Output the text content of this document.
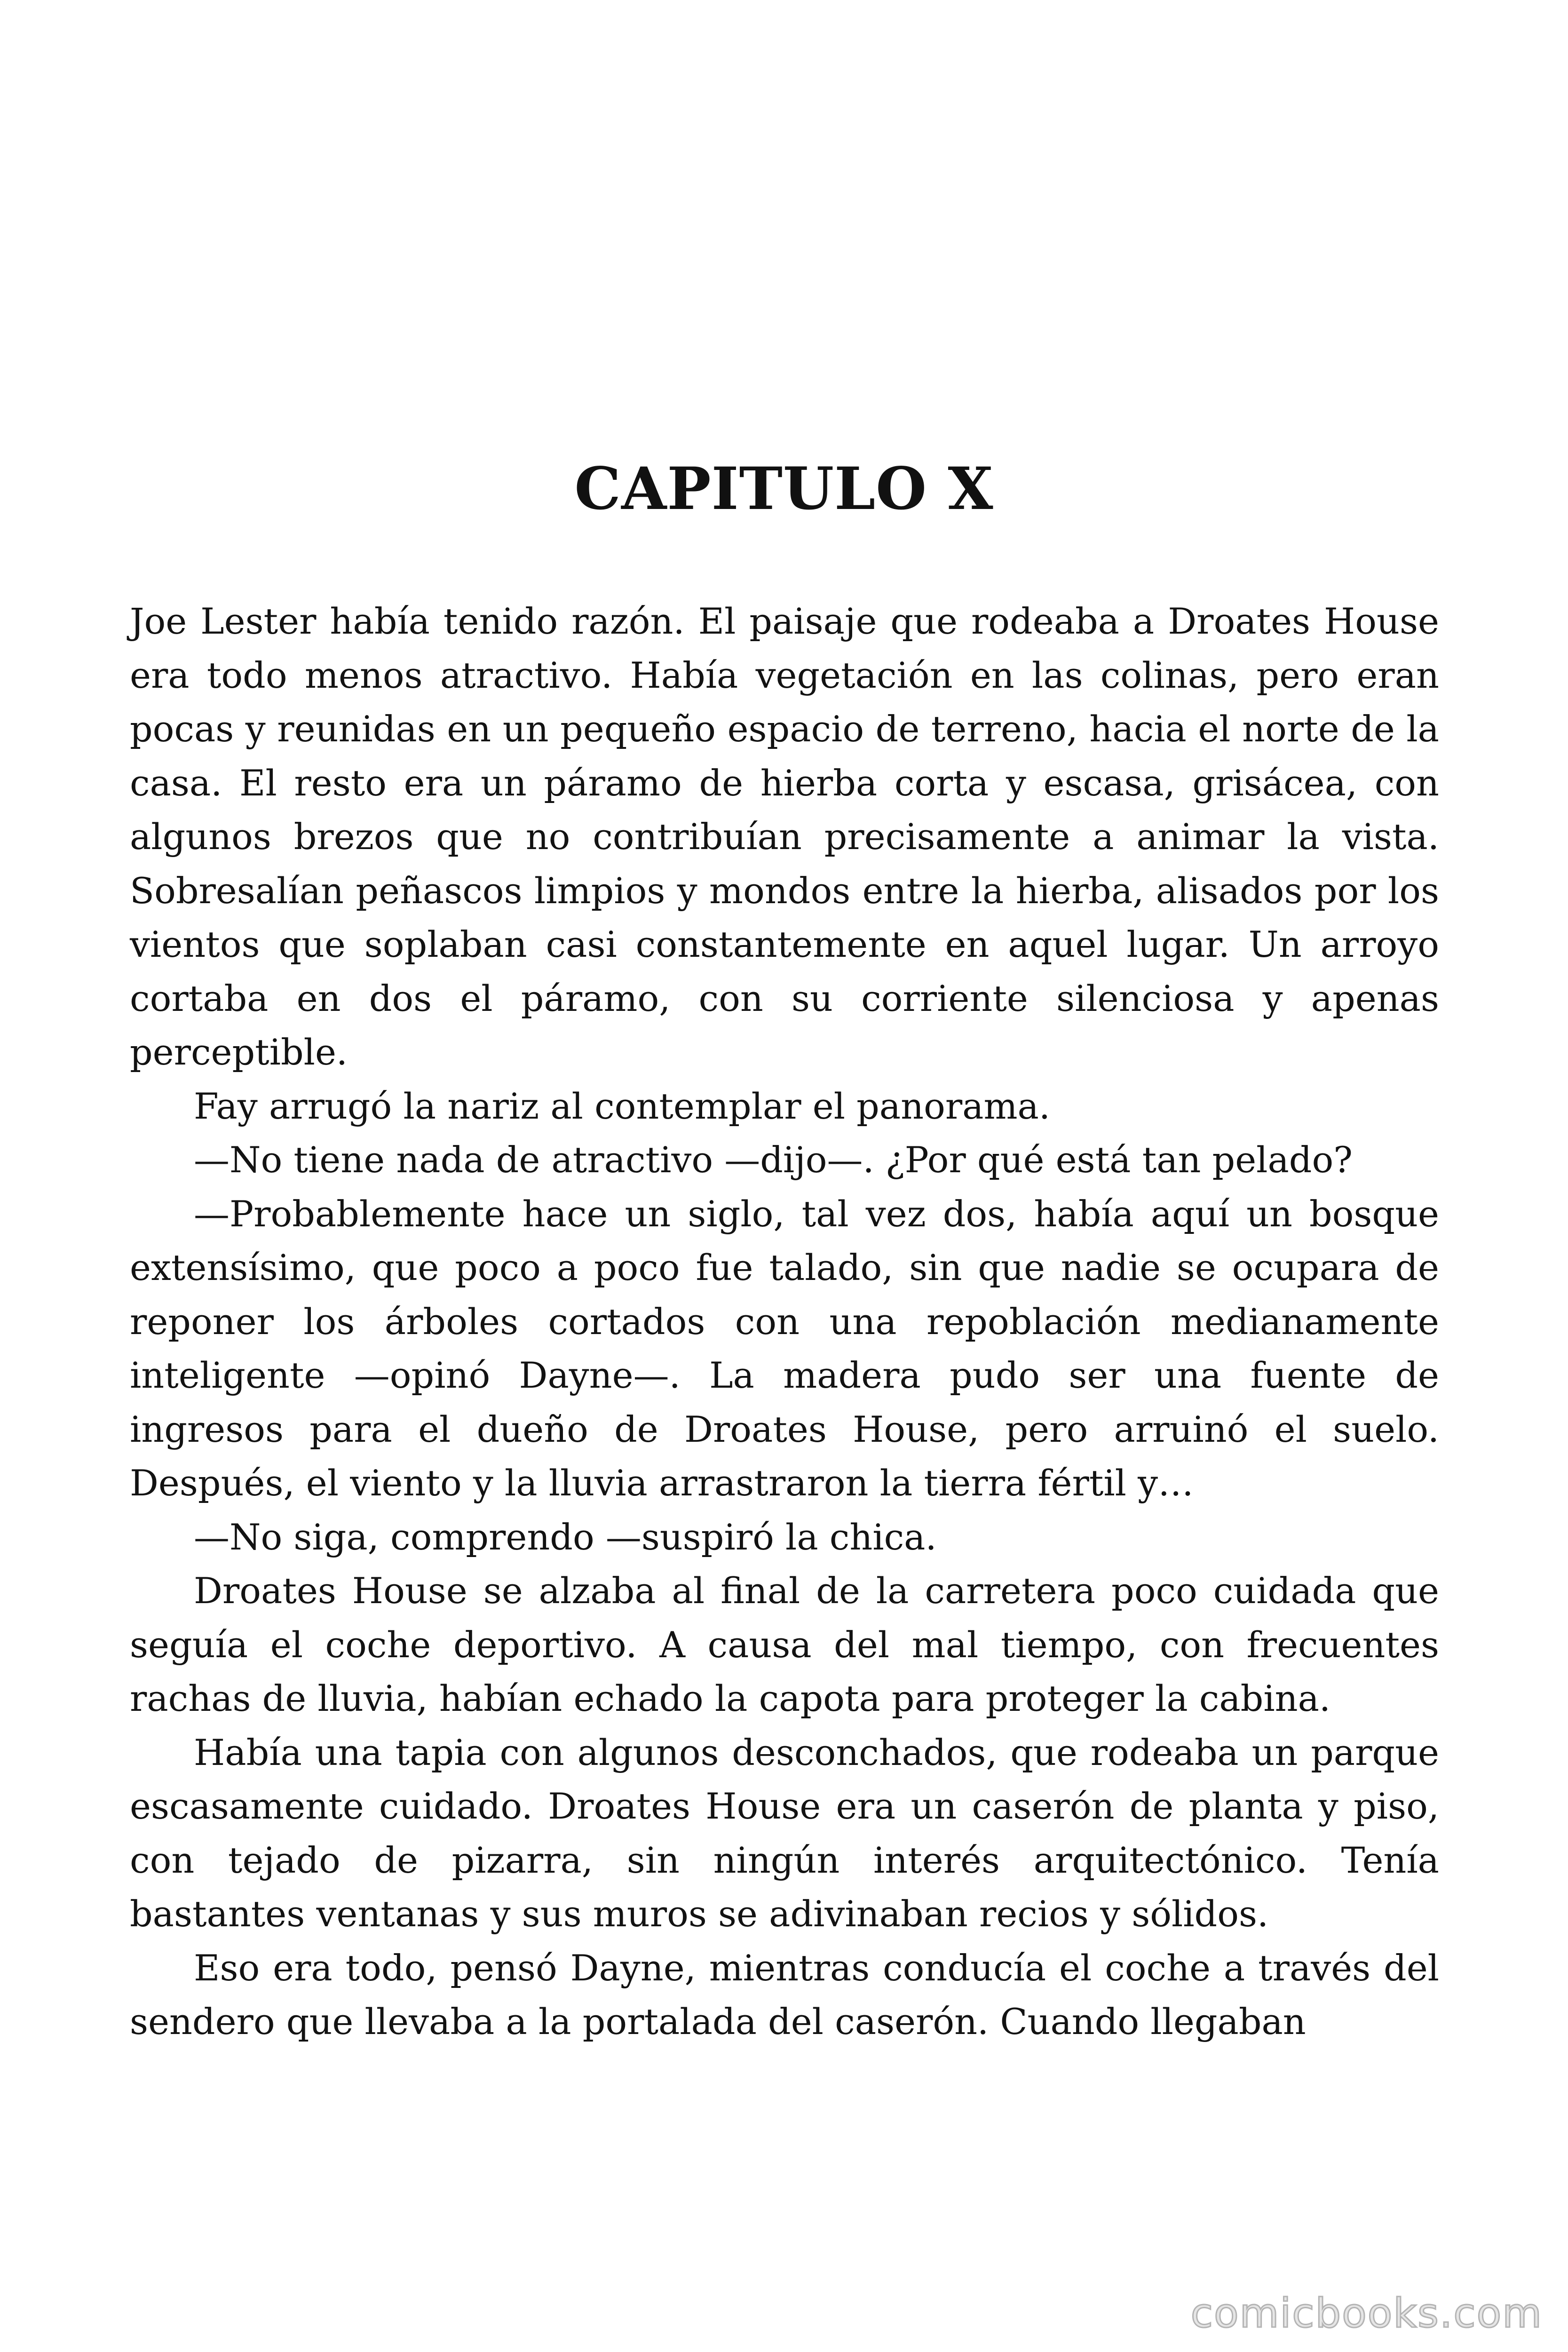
CAPITULO X

Joe Lester había tenido razón. El paisaje que rodeaba a Droates House era todo menos atractivo. Había vegetación en las colinas, pero eran pocas y reunidas en un pequeño espacio de terreno, hacia el norte de la casa. El resto era un páramo de hierba corta y escasa, grisácea, con algunos brezos que no contribuían precisamente a animar la vista. Sobresalían peñascos limpios y mondos entre la hierba, alisados por los vientos que soplaban casi constantemente en aquel lugar. Un arroyo cortaba en dos el páramo, con su corriente silenciosa y apenas perceptible.

Fay arrugó la nariz al contemplar el panorama.

—No tiene nada de atractivo —dijo—. ¿Por qué está tan pelado?

—Probablemente hace un siglo, tal vez dos, había aquí un bosque extensísimo, que poco a poco fue talado, sin que nadie se ocupara de reponer los árboles cortados con una repoblación medianamente inteligente —opinó Dayne—. La madera pudo ser una fuente de ingresos para el dueño de Droates House, pero arruinó el suelo. Después, el viento y la lluvia arrastraron la tierra fértil y…

—No siga, comprendo —suspiró la chica.

Droates House se alzaba al final de la carretera poco cuidada que seguía el coche deportivo. A causa del mal tiempo, con frecuentes rachas de lluvia, habían echado la capota para proteger la cabina.

Había una tapia con algunos desconchados, que rodeaba un parque escasamente cuidado. Droates House era un caserón de planta y piso, con tejado de pizarra, sin ningún interés arquitectónico. Tenía bastantes ventanas y sus muros se adivinaban recios y sólidos.

Eso era todo, pensó Dayne, mientras conducía el coche a través del sendero que llevaba a la portalada del caserón. Cuando llegaban

comicbooks.com
